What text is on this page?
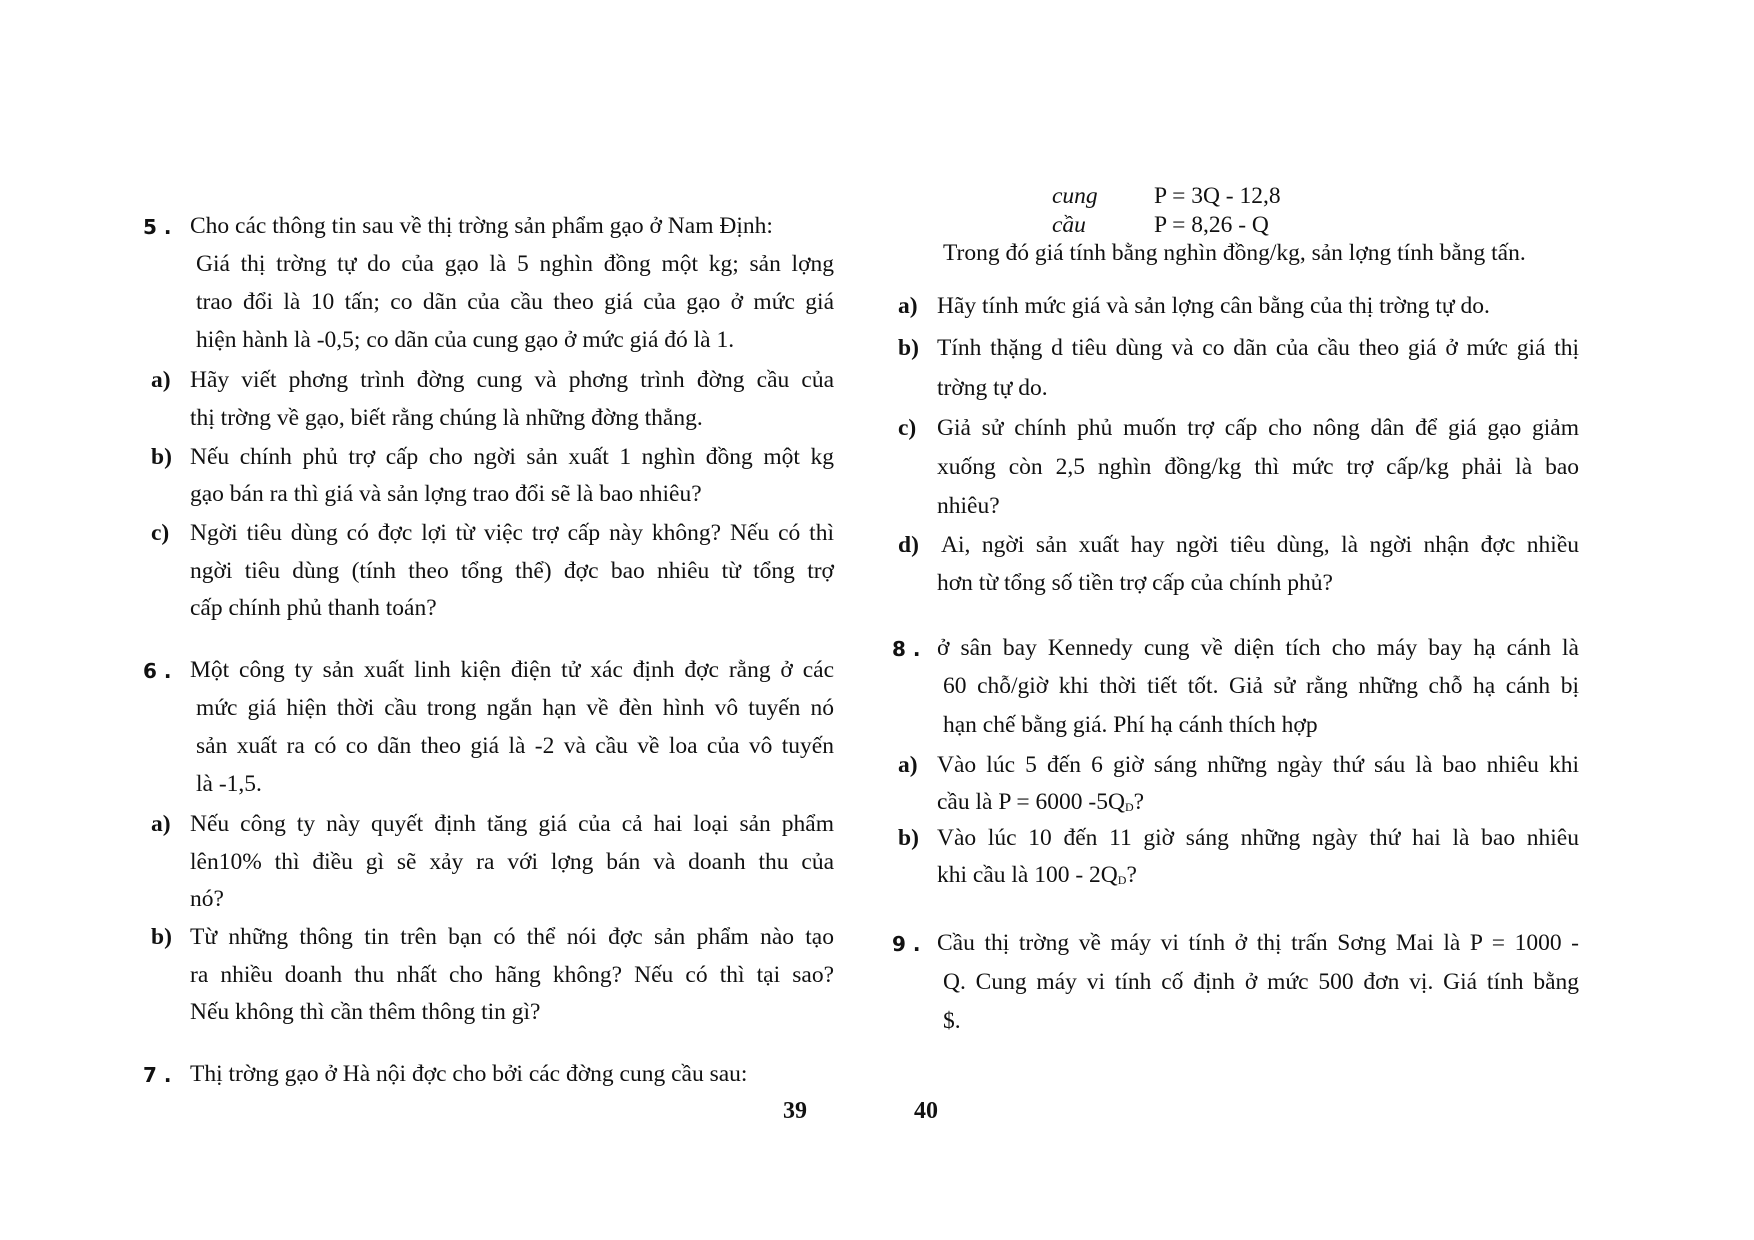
5 . Cho các thông tin sau về thị trờng sản phẩm gạo ở Nam Định:
Giá thị trờng tự do của gạo là 5 nghìn đồng một kg; sản lợng
trao đổi là 10 tấn; co dãn của cầu theo giá của gạo ở mức giá
hiện hành là -0,5; co dãn của cung gạo ở mức giá đó là 1.
a) Hãy viết phơng trình đờng cung và phơng trình đờng cầu của
thị trờng về gạo, biết rằng chúng là những đờng thẳng.
b) Nếu chính phủ trợ cấp cho ngời sản xuất 1 nghìn đồng một kg
gạo bán ra thì giá và sản lợng trao đổi sẽ là bao nhiêu?
c) Ngời tiêu dùng có đợc lợi từ việc trợ cấp này không? Nếu có thì
ngời tiêu dùng (tính theo tổng thể) đợc bao nhiêu từ tổng trợ
cấp chính phủ thanh toán?
6 . Một công ty sản xuất linh kiện điện tử xác định đợc rằng ở các
mức giá hiện thời cầu trong ngắn hạn về đèn hình vô tuyến nó
sản xuất ra có co dãn theo giá là -2 và cầu về loa của vô tuyến
là -1,5.
a) Nếu công ty này quyết định tăng giá của cả hai loại sản phẩm
lên10% thì điều gì sẽ xảy ra với lợng bán và doanh thu của
nó?
b) Từ những thông tin trên bạn có thể nói đợc sản phẩm nào tạo
ra nhiều doanh thu nhất cho hãng không? Nếu có thì tại sao?
Nếu không thì cần thêm thông tin gì?
7 . Thị trờng gạo ở Hà nội đợc cho bởi các đờng cung cầu sau:
39
cung P = 3Q - 12,8
cầu	P = 8,26 - Q
Trong đó giá tính bằng nghìn đồng/kg, sản lợng tính bằng tấn.
a) Hãy tính mức giá và sản lợng cân bằng của thị trờng tự do.
b) Tính thặng d tiêu dùng và co dãn của cầu theo giá ở mức giá thị
trờng tự do.
c) Giả sử chính phủ muốn trợ cấp cho nông dân để giá gạo giảm
xuống còn 2,5 nghìn đồng/kg thì mức trợ cấp/kg phải là bao
nhiêu?
d) Ai, ngời sản xuất hay ngời tiêu dùng, là ngời nhận đợc nhiều
hơn từ tổng số tiền trợ cấp của chính phủ?
8 . ở sân bay Kennedy cung về diện tích cho máy bay hạ cánh là
60 chỗ/giờ khi thời tiết tốt. Giả sử rằng những chỗ hạ cánh bị
hạn chế bằng giá. Phí hạ cánh thích hợp
a) Vào lúc 5 đến 6 giờ sáng những ngày thứ sáu là bao nhiêu khi
cầu là P = 6000 $-5Q_D$?
b) Vào lúc 10 đến 11 giờ sáng những ngày thứ hai là bao nhiêu
khi cầu là $100 - 2Q_D$?
9 . Cầu thị trờng về máy vi tính ở thị trấn Sơng Mai là P = 1000 -
Q. Cung máy vi tính cố định ở mức 500 đơn vị. Giá tính bằng
$.
40
